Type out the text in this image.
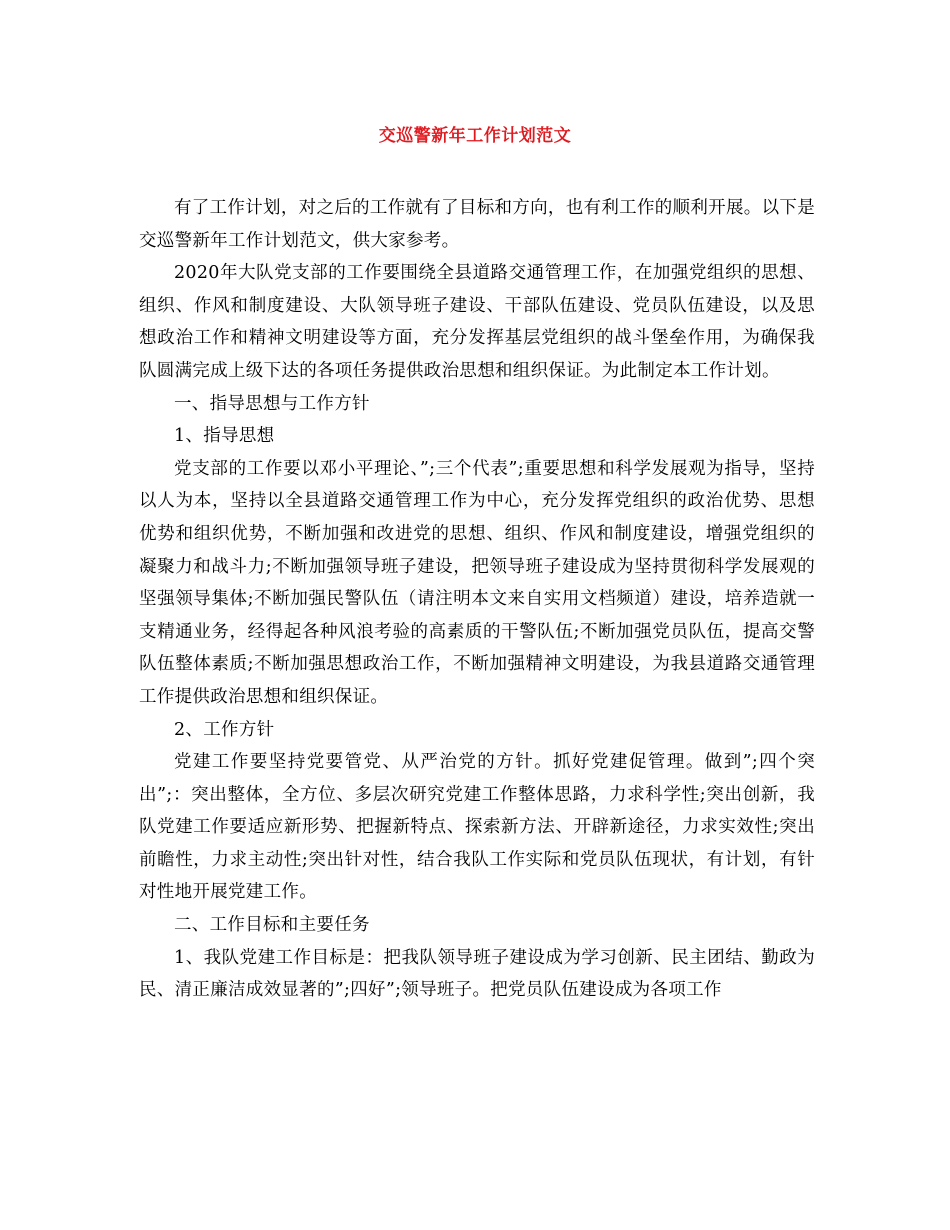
交巡警新年工作计划范文

有了工作计划，对之后的工作就有了目标和方向，也有利工作的顺利开展。以下是交巡警新年工作计划范文，供大家参考。

2020年大队党支部的工作要围绕全县道路交通管理工作，在加强党组织的思想、组织、作风和制度建设、大队领导班子建设、干部队伍建设、党员队伍建设，以及思想政治工作和精神文明建设等方面，充分发挥基层党组织的战斗堡垒作用，为确保我队圆满完成上级下达的各项任务提供政治思想和组织保证。为此制定本工作计划。

一、指导思想与工作方针

1、指导思想

党支部的工作要以邓小平理论、”;三个代表”;重要思想和科学发展观为指导，坚持以人为本，坚持以全县道路交通管理工作为中心，充分发挥党组织的政治优势、思想优势和组织优势，不断加强和改进党的思想、组织、作风和制度建设，增强党组织的凝聚力和战斗力;不断加强领导班子建设，把领导班子建设成为坚持贯彻科学发展观的坚强领导集体;不断加强民警队伍（请注明本文来自实用文档频道）建设，培养造就一支精通业务，经得起各种风浪考验的高素质的干警队伍;不断加强党员队伍，提高交警队伍整体素质;不断加强思想政治工作，不断加强精神文明建设，为我县道路交通管理工作提供政治思想和组织保证。

2、工作方针

党建工作要坚持党要管党、从严治党的方针。抓好党建促管理。做到”;四个突出”;：突出整体，全方位、多层次研究党建工作整体思路，力求科学性;突出创新，我队党建工作要适应新形势、把握新特点、探索新方法、开辟新途径，力求实效性;突出前瞻性，力求主动性;突出针对性，结合我队工作实际和党员队伍现状，有计划，有针对性地开展党建工作。

二、工作目标和主要任务

1、我队党建工作目标是：把我队领导班子建设成为学习创新、民主团结、勤政为民、清正廉洁成效显著的”;四好”;领导班子。把党员队伍建设成为各项工作
